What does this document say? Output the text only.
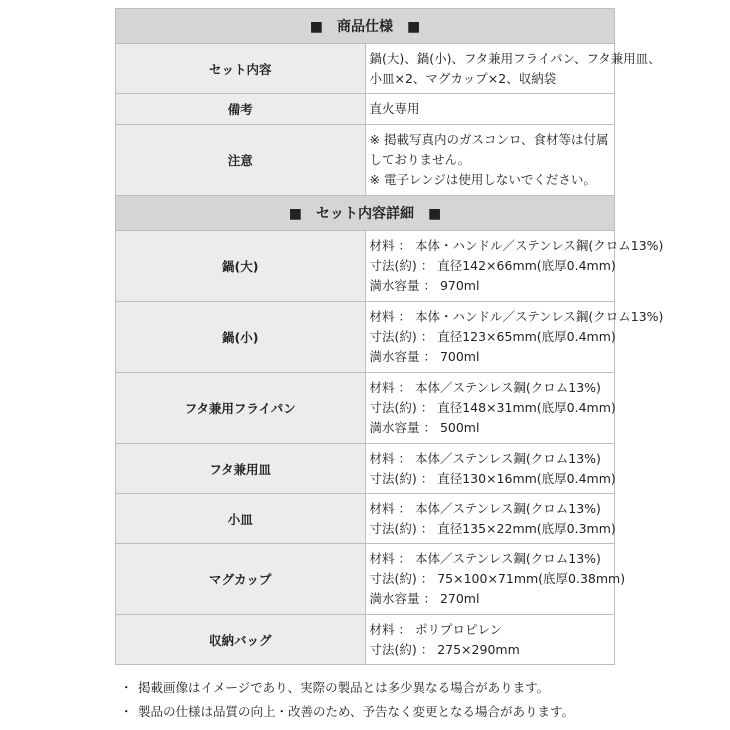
■　商品仕様　■	
セット内容	鍋(大)、鍋(小)、フタ兼用フライパン、フタ兼用皿、
小皿×2、マグカップ×2、収納袋

備考	直火専用

注意	※ 掲載写真内のガスコンロ、食材等は付属しておりません。
※ 電子レンジは使用しないでください。

■　セット内容詳細　■	
鍋(大)	材料 ： 本体・ハンドル／ステンレス鋼(クロム13%)
寸法(約) ： 直径142×66mm(底厚0.4mm)
満水容量 ： 970ml

鍋(小)	材料 ： 本体・ハンドル／ステンレス鋼(クロム13%)
寸法(約) ： 直径123×65mm(底厚0.4mm)
満水容量 ： 700ml

フタ兼用フライパン	材料 ： 本体／ステンレス鋼(クロム13%)
寸法(約) ： 直径148×31mm(底厚0.4mm)
満水容量 ： 500ml

フタ兼用皿	材料 ： 本体／ステンレス鋼(クロム13%)
寸法(約) ： 直径130×16mm(底厚0.4mm)

小皿	材料 ： 本体／ステンレス鋼(クロム13%)
寸法(約) ： 直径135×22mm(底厚0.3mm)

マグカップ	材料 ： 本体／ステンレス鋼(クロム13%)
寸法(約) ： 75×100×71mm(底厚0.38mm)
満水容量 ： 270ml

収納バッグ	材料 ： ポリプロピレン
寸法(約) ： 275×290mm
・ 掲載画像はイメージであり、実際の製品とは多少異なる場合があります。
・ 製品の仕様は品質の向上・改善のため、予告なく変更となる場合があります。
